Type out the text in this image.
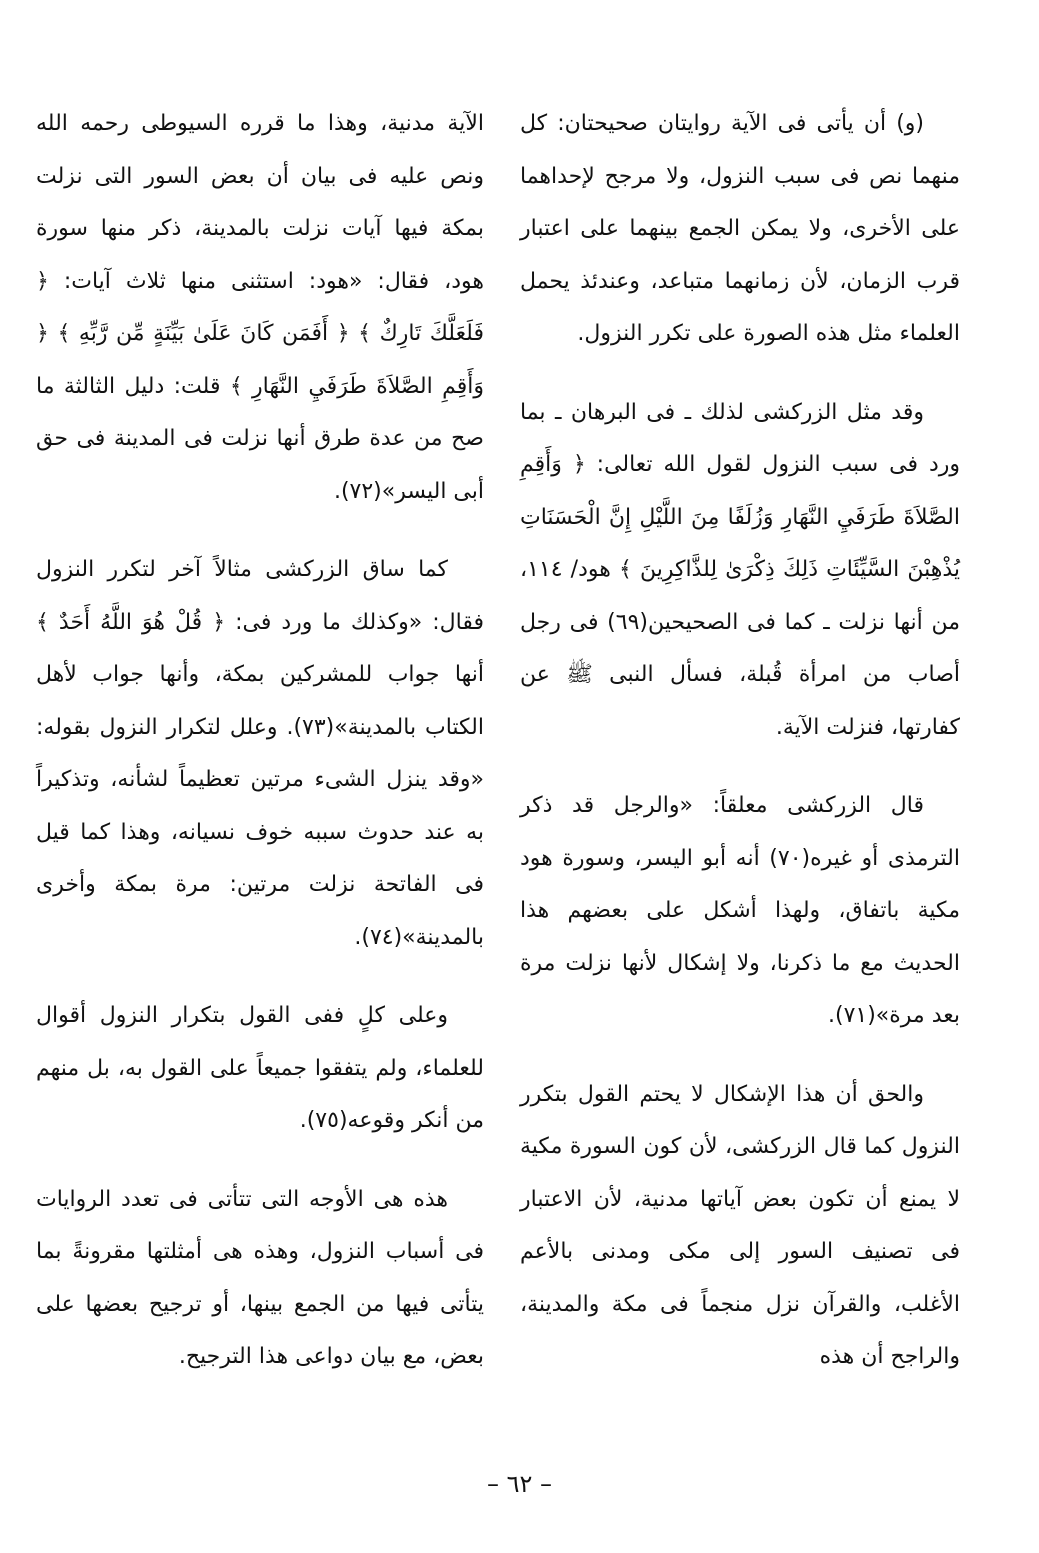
(و) أن يأتى فى الآية روايتان صحيحتان: كل منهما نص فى سبب النزول، ولا مرجح لإحداهما على الأخرى، ولا يمكن الجمع بينهما على اعتبار قرب الزمان، لأن زمانهما متباعد، وعندئذ يحمل العلماء مثل هذه الصورة على تكرر النزول.

وقد مثل الزركشى لذلك ـ فى البرهان ـ بما ورد فى سبب النزول لقول الله تعالى: ﴿ وَأَقِمِ الصَّلاَةَ طَرَفَيِ النَّهَارِ وَزُلَفًا مِنَ اللَّيْلِ إِنَّ الْحَسَنَاتِ يُذْهِبْنَ السَّيِّئَاتِ ذَلِكَ ذِكْرَىٰ لِلذَّاكِرِينَ ﴾ هود/ ١١٤، من أنها نزلت ـ كما فى الصحيحين(٦٩) فى رجل أصاب من امرأة قُبلة، فسأل النبى ﷺ عن كفارتها، فنزلت الآية.

قال الزركشى معلقاً: «والرجل قد ذكر الترمذى أو غيره(٧٠) أنه أبو اليسر، وسورة هود مكية باتفاق، ولهذا أشكل على بعضهم هذا الحديث مع ما ذكرنا، ولا إشكال لأنها نزلت مرة بعد مرة»(٧١).

والحق أن هذا الإشكال لا يحتم القول بتكرر النزول كما قال الزركشى، لأن كون السورة مكية لا يمنع أن تكون بعض آياتها مدنية، لأن الاعتبار فى تصنيف السور إلى مكى ومدنى بالأعم الأغلب، والقرآن نزل منجماً فى مكة والمدينة، والراجح أن هذه

الآية مدنية، وهذا ما قرره السيوطى رحمه الله ونص عليه فى بيان أن بعض السور التى نزلت بمكة فيها آيات نزلت بالمدينة، ذكر منها سورة هود، فقال: «هود: استثنى منها ثلاث آيات: ﴿ فَلَعَلَّكَ تَارِكٌ ﴾ ﴿ أَفَمَن كَانَ عَلَىٰ بَيِّنَةٍ مِّن رَّبِّهِ ﴾ ﴿ وَأَقِمِ الصَّلاَةَ طَرَفَيِ النَّهَارِ ﴾ قلت: دليل الثالثة ما صح من عدة طرق أنها نزلت فى المدينة فى حق أبى اليسر»(٧٢).

كما ساق الزركشى مثالاً آخر لتكرر النزول فقال: «وكذلك ما ورد فى: ﴿ قُلْ هُوَ اللَّهُ أَحَدٌ ﴾ أنها جواب للمشركين بمكة، وأنها جواب لأهل الكتاب بالمدينة»(٧٣). وعلل لتكرار النزول بقوله: «وقد ينزل الشىء مرتين تعظيماً لشأنه، وتذكيراً به عند حدوث سببه خوف نسيانه، وهذا كما قيل فى الفاتحة نزلت مرتين: مرة بمكة وأخرى بالمدينة»(٧٤).

وعلى كلٍ ففى القول بتكرار النزول أقوال للعلماء، ولم يتفقوا جميعاً على القول به، بل منهم من أنكر وقوعه(٧٥).

هذه هى الأوجه التى تتأتى فى تعدد الروايات فى أسباب النزول، وهذه هى أمثلتها مقرونةً بما يتأتى فيها من الجمع بينها، أو ترجيح بعضها على بعض، مع بيان دواعى هذا الترجيح.

– ٦٢ –
